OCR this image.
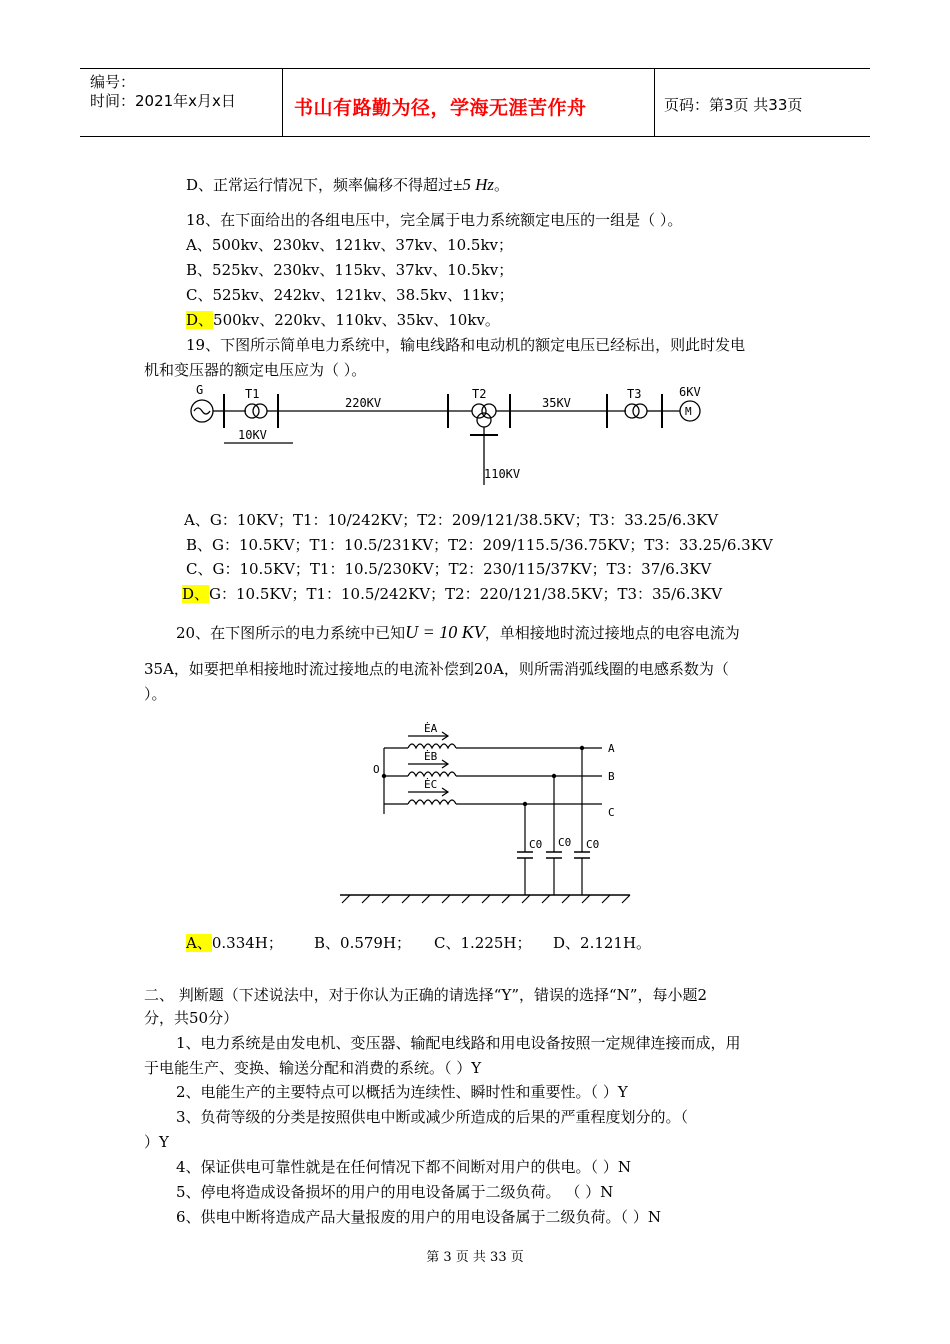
编号：
时间：2021年x月x日	书山有路勤为径，学海无涯苦作舟	页码：第3页 共33页
D、正常运行情况下，频率偏移不得超过±5 Hz。
18、在下面给出的各组电压中，完全属于电力系统额定电压的一组是（ ）。
A、500kv、230kv、121kv、37kv、10.5kv；
B、525kv、230kv、115kv、37kv、10.5kv；
C、525kv、242kv、121kv、38.5kv、11kv；
D、500kv、220kv、110kv、35kv、10kv。
19、下图所示简单电力系统中，输电线路和电动机的额定电压已经标出，则此时发电
机和变压器的额定电压应为（ ）。
G	T1
220KV
T2
35KV
T3	6KV
M
10KV
110KV
A、G：10KV；T1：10/242KV；T2：209/121/38.5KV；T3：33.25/6.3KV
B、G：10.5KV；T1：10.5/231KV；T2：209/115.5/36.75KV；T3：33.25/6.3KV
C、G：10.5KV；T1：10.5/230KV；T2：230/115/37KV；T3：37/6.3KV
D、G：10.5KV；T1：10.5/242KV；T2：220/121/38.5KV；T3：35/6.3KV
20、在下图所示的电力系统中已知U = 10 KV，单相接地时流过接地点的电容电流为
35A，如要把单相接地时流过接地点的电流补偿到20A，则所需消弧线圈的电感系数为（
）。
O
ĖA
ĖB
ĖC
A
B
C
C0 C0 C0
A、0.334H； B、0.579H； C、1.225H； D、2.121H。
二、 判断题（下述说法中，对于你认为正确的请选择“Y”，错误的选择“N”，每小题2
分，共50分）
1、电力系统是由发电机、变压器、输配电线路和用电设备按照一定规律连接而成，用
于电能生产、变换、输送分配和消费的系统。（ ）Y
2、电能生产的主要特点可以概括为连续性、瞬时性和重要性。（ ）Y
3、负荷等级的分类是按照供电中断或减少所造成的后果的严重程度划分的。（
）Y
4、保证供电可靠性就是在任何情况下都不间断对用户的供电。（ ）N
5、停电将造成设备损坏的用户的用电设备属于二级负荷。 （ ）N
6、供电中断将造成产品大量报废的用户的用电设备属于二级负荷。（ ）N
第 3 页 共 33 页
